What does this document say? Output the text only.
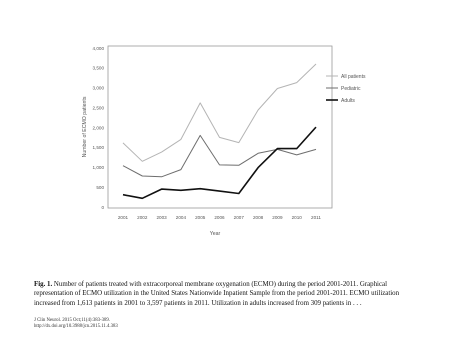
Number of ECMO patients
Year
0
500
1,000
1,500
2,000
2,500
3,000
3,500
4,000
2001 2002 2003 2004 2005 2006 2007 2008 2009 2010 2011
All patients
Pediatric
Adults
Fig. 1. Number of patients treated with extracorporeal membrane oxygenation (ECMO) during the period 2001-2011. Graphical representation of ECMO utilization in the United States Nationwide Inpatient Sample from the period 2001-2011. ECMO utilization increased from 1,613 patients in 2001 to 3,597 patients in 2011. Utilization in adults increased from 309 patients in . . .
J Clin Neurol. 2015 Oct;11(4):383-389.
http://dx.doi.org/10.3988/jcn.2015.11.4.383
